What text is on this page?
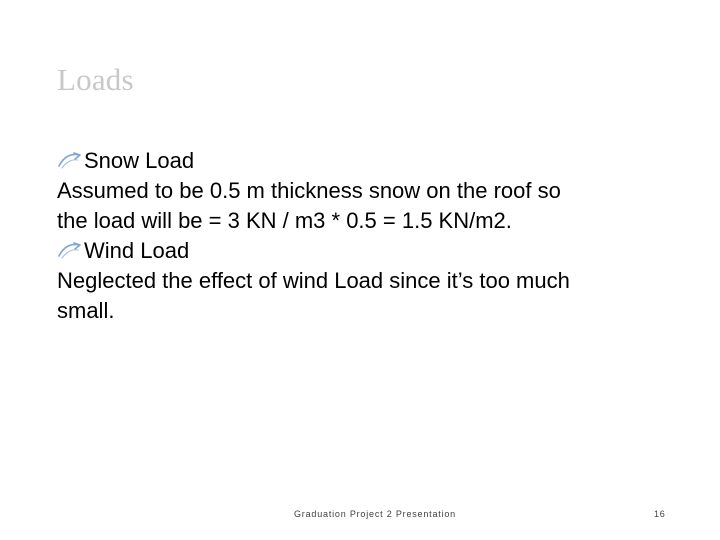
Loads
Snow Load
Assumed to be 0.5 m thickness snow on the roof so
the load will be = 3 KN / m3 * 0.5 = 1.5 KN/m2.
Wind Load
Neglected the effect of wind Load since it’s too much
small.
Graduation Project 2 Presentation	16
